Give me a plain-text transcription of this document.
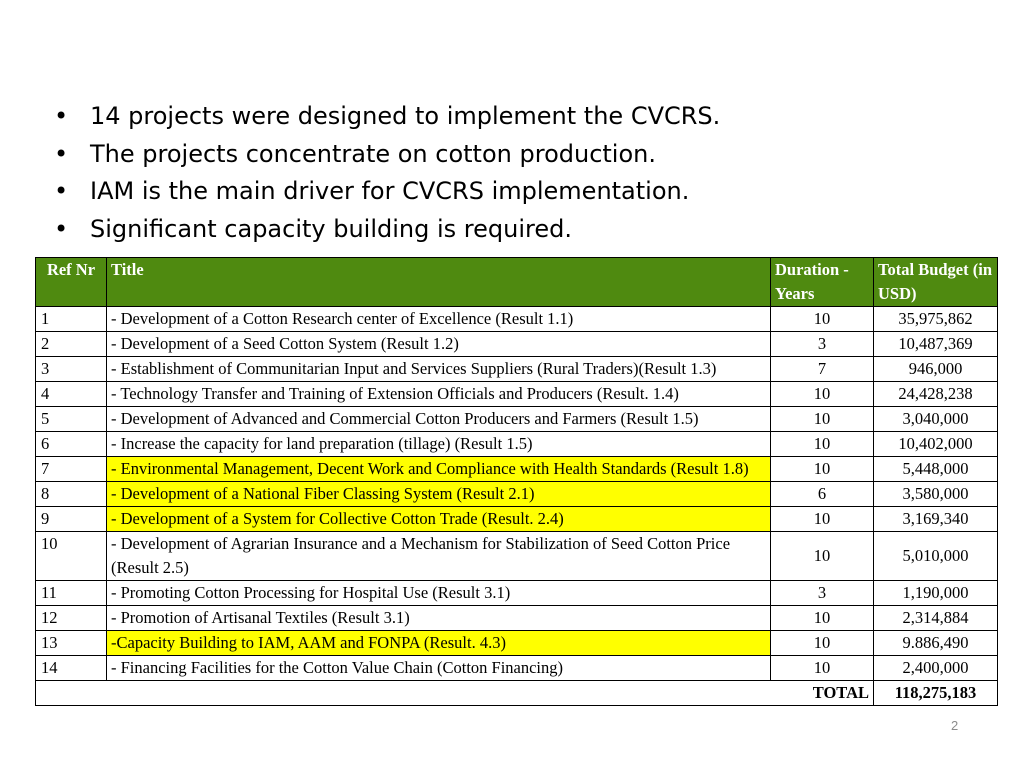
• 14 projects were designed to implement the CVCRS.
• The projects concentrate on cotton production.
• IAM is the main driver for CVCRS implementation.
• Significant capacity building is required.
Ref Nr	Title	Duration - Years	Total Budget (in USD)
1	- Development of a Cotton Research center of Excellence (Result 1.1)	10	35,975,862
2	- Development of a Seed Cotton System (Result 1.2)	3	10,487,369
3	- Establishment of Communitarian Input and Services Suppliers (Rural Traders)(Result 1.3)	7	946,000
4	- Technology Transfer and Training of Extension Officials and Producers (Result. 1.4)	10	24,428,238
5	- Development of Advanced and Commercial Cotton Producers and Farmers (Result 1.5)	10	3,040,000
6	- Increase the capacity for land preparation (tillage) (Result 1.5)	10	10,402,000
7	- Environmental Management, Decent Work and Compliance with Health Standards (Result 1.8)	10	5,448,000
8	- Development of a National Fiber Classing System (Result 2.1)	6	3,580,000
9	- Development of a System for Collective Cotton Trade (Result. 2.4)	10	3,169,340
10	- Development of Agrarian Insurance and a Mechanism for Stabilization of Seed Cotton Price (Result 2.5)	10	5,010,000
11	- Promoting Cotton Processing for Hospital Use (Result 3.1)	3	1,190,000
12	- Promotion of Artisanal Textiles (Result 3.1)	10	2,314,884
13	-Capacity Building to IAM, AAM and FONPA (Result. 4.3)	10	9.886,490
14	- Financing Facilities for the Cotton Value Chain (Cotton Financing)	10	2,400,000
TOTAL			118,275,183
2
